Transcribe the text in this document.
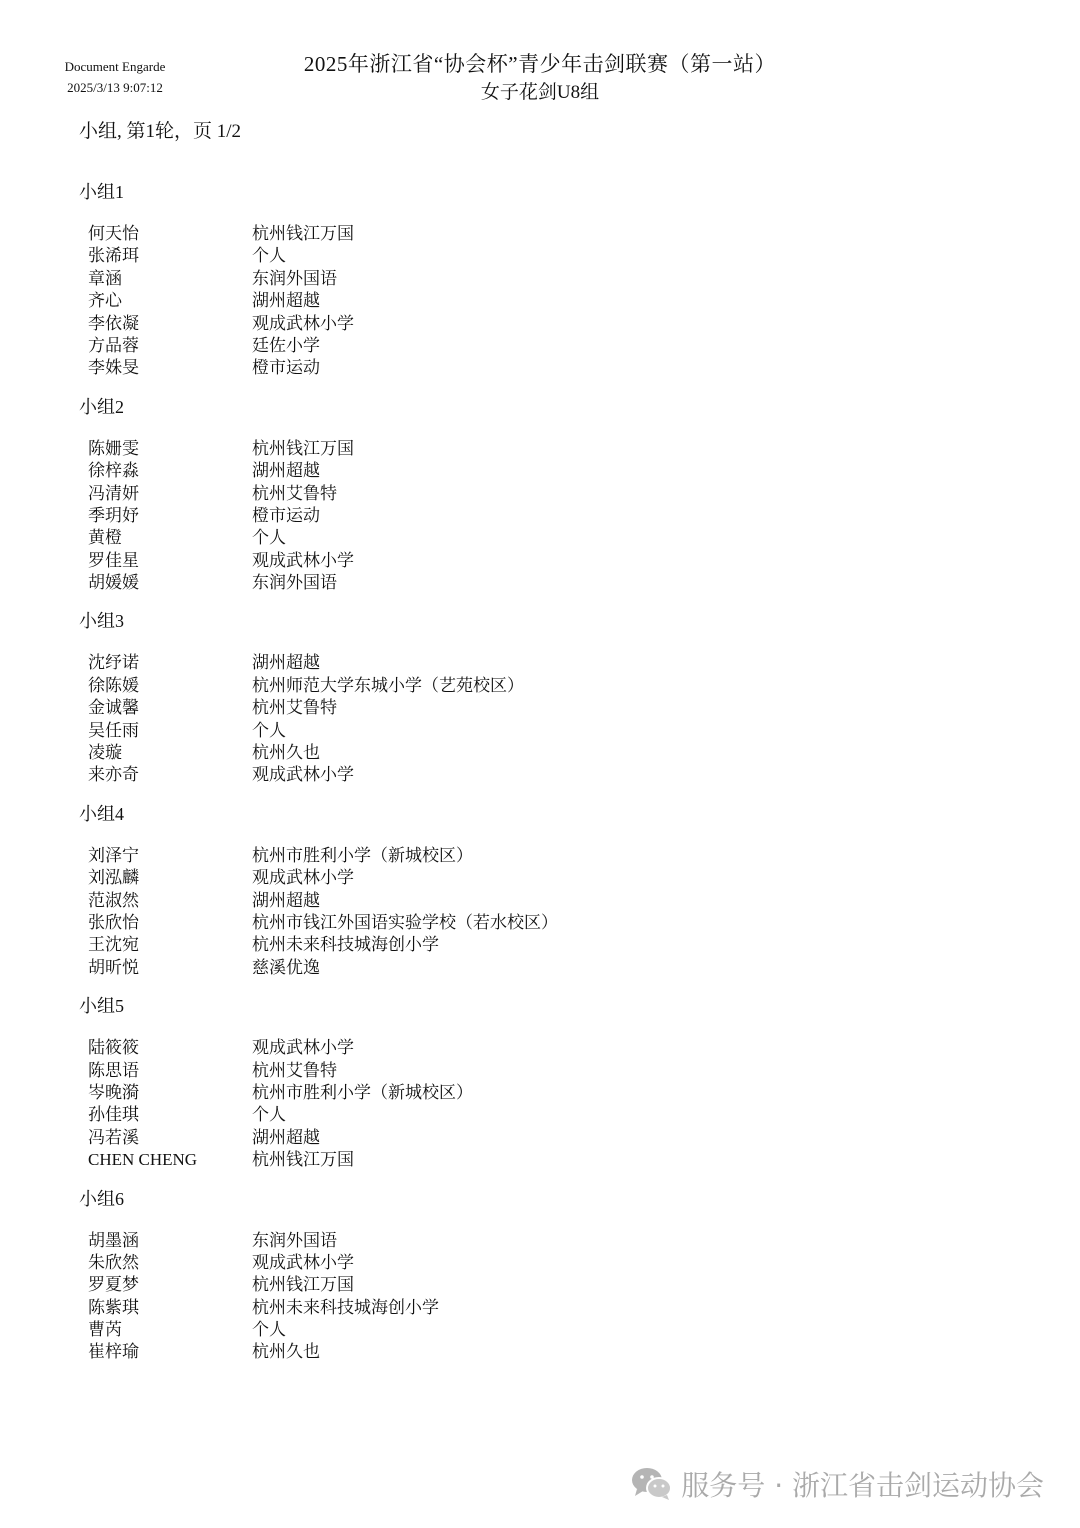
Document Engarde
2025/3/13 9:07:12
2025年浙江省“协会杯”青少年击剑联赛（第一站）
女子花剑U8组
小组, 第1轮，页 1/2
小组1
何天怡	杭州钱江万国
张浠珥	个人
章涵	东润外国语
齐心	湖州超越
李依凝	观成武林小学
方品蓉	廷佐小学
李姝旻	橙市运动
小组2
陈姗雯	杭州钱江万国
徐梓淼	湖州超越
冯清妍	杭州艾鲁特
季玥妤	橙市运动
黄橙	个人
罗佳星	观成武林小学
胡媛媛	东润外国语
小组3
沈纾诺	湖州超越
徐陈媛	杭州师范大学东城小学（艺苑校区）
金诚馨	杭州艾鲁特
吴任雨	个人
凌璇	杭州久也
来亦奇	观成武林小学
小组4
刘泽宁	杭州市胜利小学（新城校区）
刘泓麟	观成武林小学
范淑然	湖州超越
张欣怡	杭州市钱江外国语实验学校（若水校区）
王沈宛	杭州未来科技城海创小学
胡昕悦	慈溪优逸
小组5
陆筱筱	观成武林小学
陈思语	杭州艾鲁特
岑晚漪	杭州市胜利小学（新城校区）
孙佳琪	个人
冯若溪	湖州超越
CHEN CHENG	杭州钱江万国
小组6
胡墨涵	东润外国语
朱欣然	观成武林小学
罗夏梦	杭州钱江万国
陈紫琪	杭州未来科技城海创小学
曹芮	个人
崔梓瑜	杭州久也
服务号 · 浙江省击剑运动协会
